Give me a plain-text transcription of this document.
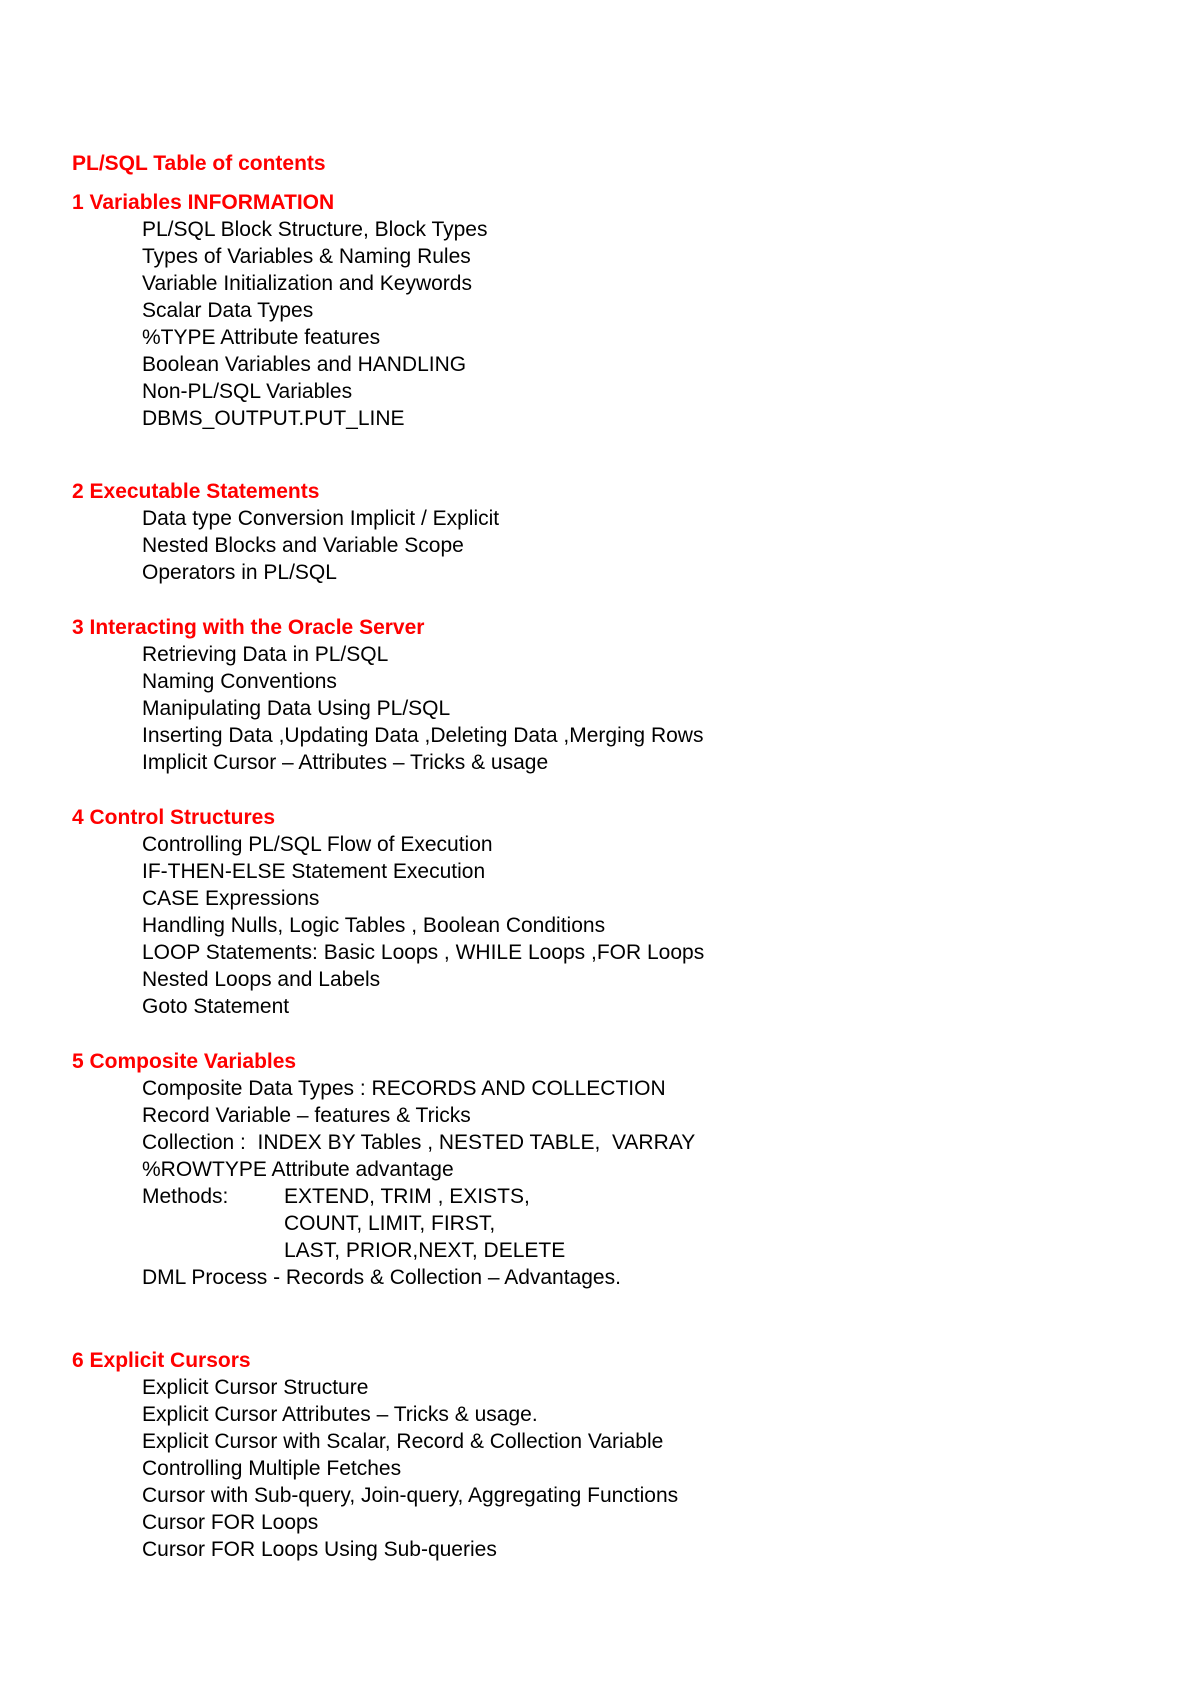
PL/SQL Table of contents
1 Variables INFORMATION
PL/SQL Block Structure, Block Types
Types of Variables & Naming Rules
Variable Initialization and Keywords
Scalar Data Types
%TYPE Attribute features
Boolean Variables and HANDLING
Non-PL/SQL Variables
DBMS_OUTPUT.PUT_LINE
2 Executable Statements
Data type Conversion Implicit / Explicit
Nested Blocks and Variable Scope
Operators in PL/SQL
3 Interacting with the Oracle Server
Retrieving Data in PL/SQL
Naming Conventions
Manipulating Data Using PL/SQL
Inserting Data ,Updating Data ,Deleting Data ,Merging Rows
Implicit Cursor – Attributes – Tricks & usage
4 Control Structures
Controlling PL/SQL Flow of Execution
IF-THEN-ELSE Statement Execution
CASE Expressions
Handling Nulls, Logic Tables , Boolean Conditions
LOOP Statements: Basic Loops , WHILE Loops ,FOR Loops
Nested Loops and Labels
Goto Statement
5 Composite Variables
Composite Data Types : RECORDS AND COLLECTION
Record Variable – features & Tricks
Collection :  INDEX BY Tables , NESTED TABLE,  VARRAY
%ROWTYPE Attribute advantage
Methods:	EXTEND, TRIM , EXISTS,
COUNT, LIMIT, FIRST,
LAST, PRIOR,NEXT, DELETE
DML Process - Records & Collection – Advantages.
6 Explicit Cursors
Explicit Cursor Structure
Explicit Cursor Attributes – Tricks & usage.
Explicit Cursor with Scalar, Record & Collection Variable
Controlling Multiple Fetches
Cursor with Sub-query, Join-query, Aggregating Functions
Cursor FOR Loops
Cursor FOR Loops Using Sub-queries
